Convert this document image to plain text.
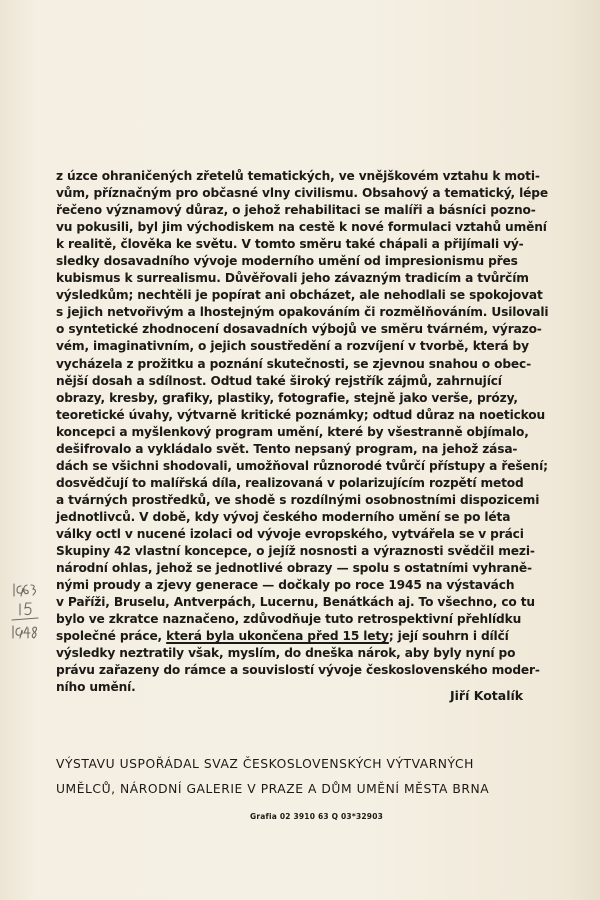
z úzce ohraničených zřetelů tematických, ve vnějškovém vztahu k moti-
vům, příznačným pro občasné vlny civilismu. Obsahový a tematický, lépe
řečeno významový důraz, o jehož rehabilitaci se malíři a básníci pozno-
vu pokusili, byl jim východiskem na cestě k nové formulaci vztahů umění
k realitě, člověka ke světu. V tomto směru také chápali a přijímali vý-
sledky dosavadního vývoje moderního umění od impresionismu přes
kubismus k surrealismu. Důvěřovali jeho závazným tradicím a tvůrčím
výsledkům; nechtěli je popírat ani obcházet, ale nehodlali se spokojovat
s jejich netvořivým a lhostejným opakováním či rozmělňováním. Usilovali
o syntetické zhodnocení dosavadních výbojů ve směru tvárném, výrazo-
vém, imaginativním, o jejich soustředění a rozvíjení v tvorbě, která by
vycházela z prožitku a poznání skutečnosti, se zjevnou snahou o obec-
nější dosah a sdílnost. Odtud také široký rejstřík zájmů, zahrnující
obrazy, kresby, grafiky, plastiky, fotografie, stejně jako verše, prózy,
teoretické úvahy, výtvarně kritické poznámky; odtud důraz na noetickou
koncepci a myšlenkový program umění, které by všestranně objímalo,
dešifrovalo a vykládalo svět. Tento nepsaný program, na jehož zásа-
dách se všichni shodovali, umožňoval různorodé tvůrčí přístupy a řešení;
dosvědčují to malířská díla, realizovaná v polarizujícím rozpětí metod
a tvárných prostředků, ve shodě s rozdílnými osobnostními dispozicemi
jednotlivců. V době, kdy vývoj českého moderního umění se po léta
války octl v nucené izolaci od vývoje evropského, vytvářela se v práci
Skupiny 42 vlastní koncepce, o jejíž nosnosti a výraznosti svědčil mezi-
národní ohlas, jehož se jednotlivé obrazy — spolu s ostatními vyhraně-
nými proudy a zjevy generace — dočkaly po roce 1945 na výstavách
v Paříži, Bruselu, Antverpách, Lucernu, Benátkách aj. To všechno, co tu
bylo ve zkratce naznačeno, zdůvodňuje tuto retrospektivní přehlídku
společné práce, která byla ukončena před 15 lety; její souhrn i dílčí
výsledky neztratily však, myslím, do dneška nárok, aby byly nyní po
právu zařazeny do rámce a souvislostí vývoje československého moder-
ního umění.
Jiří Kotalík
VÝSTAVU USPOŘÁDAL SVAZ ČESKOSLOVENSKÝCH VÝTVARNÝCH
UMĚLCŮ, NÁRODNÍ GALERIE V PRAZE A DŮM UMĚNÍ MĚSTA BRNA
Grafia 02 3910 63 Q 03*32903
